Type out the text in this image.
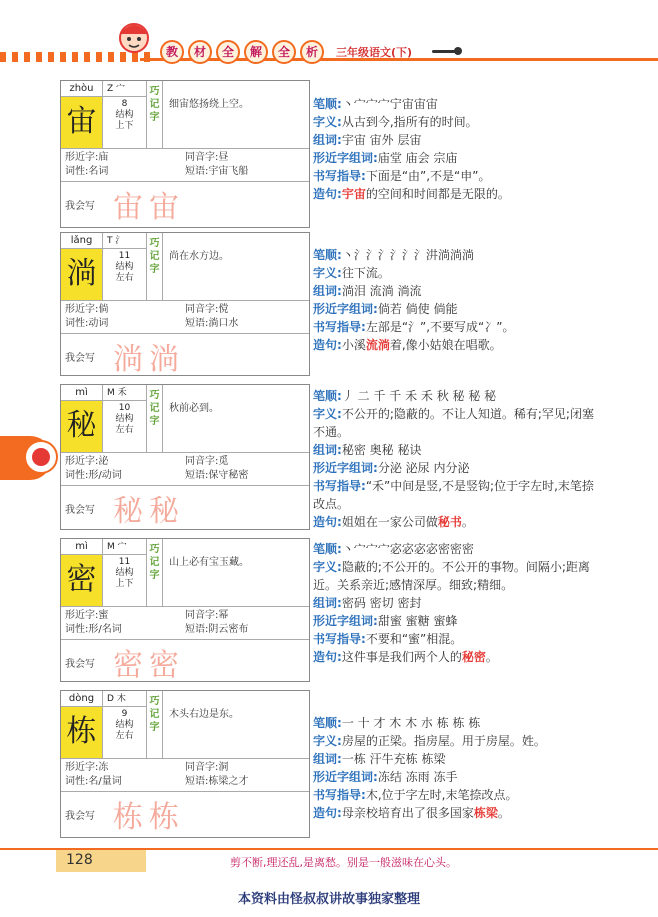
教	材	全	解	全	析	三年级语文(下)
zhòu
宙
Z 宀
8
结构
上下
巧
记
字
细宙悠扬绕上空。
形近字:庙	同音字:昼
词性:名词	短语:宇宙飞船
我会写 宙宙
笔顺:丶宀宀宀宁宙宙宙
字义:从古到今,指所有的时间。
组词:宇宙 宙外 层宙
形近字组词:庙堂 庙会 宗庙
书写指导:下面是“由”,不是“申”。
造句:宇宙的空间和时间都是无限的。
lǎng
淌
T 氵
11
结构
左右
巧
记
字
尚在水方边。
形近字:倘	同音字:傥
词性:动词	短语:淌口水
我会写 淌淌
笔顺:丶氵氵氵氵氵氵汫淌淌淌
字义:往下流。
组词:淌泪 流淌 淌流
形近字组词:倘若 倘使 倘能
书写指导:左部是“氵”,不要写成“冫”。
造句:小溪流淌着,像小姑娘在唱歌。
mì
秘
M 禾
10
结构
左右
巧
记
字
秋前必到。
形近字:泌	同音字:觅
词性:形/动词	短语:保守秘密
我会写 秘秘
笔顺:丿 二 千 千 禾 禾 秋 秘 秘 秘
字义:不公开的;隐蔽的。不让人知道。稀有;罕见;闭塞不通。
组词:秘密 奥秘 秘诀
形近字组词:分泌 泌尿 内分泌
书写指导:“禾”中间是竖,不是竖钩;位于字左时,末笔捺改点。
造句:姐姐在一家公司做秘书。
mì
密
M 宀
11
结构
上下
巧
记
字
山上必有宝玉藏。
形近字:蜜	同音字:幂
词性:形/名词	短语:阴云密布
我会写 密密
笔顺:丶宀宀宀宓宓宓宓密密密
字义:隐蔽的;不公开的。不公开的事物。间隔小;距离近。关系亲近;感情深厚。细致;精细。
组词:密码 密切 密封
形近字组词:甜蜜 蜜糖 蜜蜂
书写指导:不要和“蜜”相混。
造句:这件事是我们两个人的秘密。
dòng
栋
D 木
9
结构
左右
巧
记
字
木头右边是东。
形近字:冻	同音字:洞
词性:名/量词	短语:栋梁之才
我会写 栋栋
笔顺:一 十 才 木 木 朩 栋 栋 栋
字义:房屋的正梁。指房屋。用于房屋。姓。
组词:一栋 汗牛充栋 栋梁
形近字组词:冻结 冻雨 冻手
书写指导:木,位于字左时,末笔捺改点。
造句:母亲校培育出了很多国家栋梁。
128	剪不断,理还乱,是离愁。别是一般滋味在心头。
本资料由怪叔叔讲故事独家整理
